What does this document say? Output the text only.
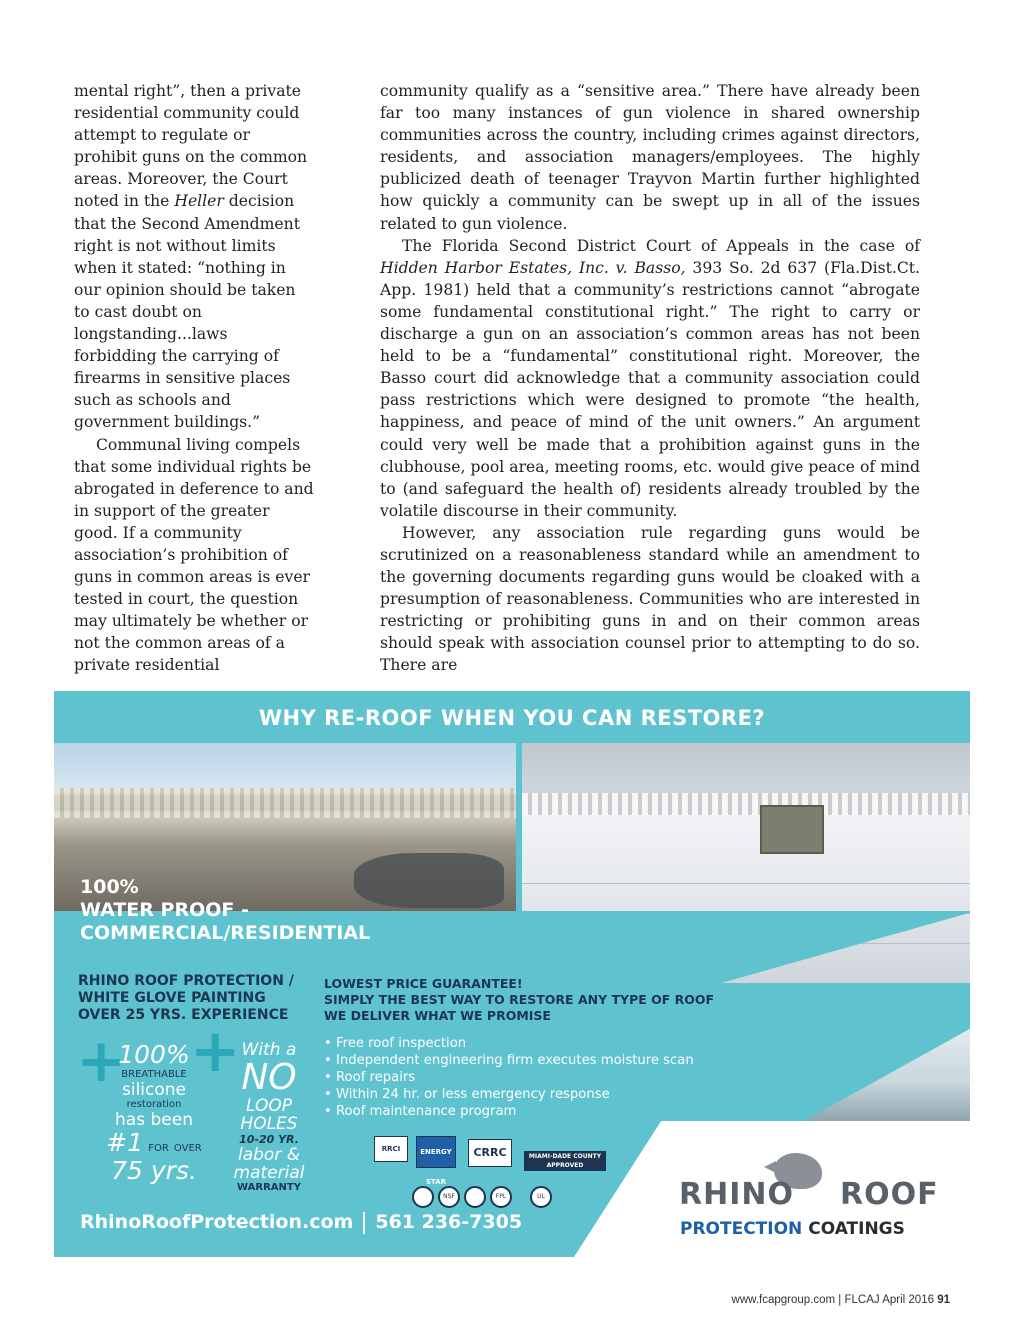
mental right”, then a private residential community could attempt to regulate or prohibit guns on the common areas. Moreover, the Court noted in the Heller decision that the Second Amendment right is not without limits when it stated: “nothing in our opinion should be taken to cast doubt on longstanding...laws forbidding the carrying of firearms in sensitive places such as schools and government buildings.”

Communal living compels that some individual rights be abrogated in deference to and in support of the greater good. If a community association’s prohibition of guns in common areas is ever tested in court, the question may ultimately be whether or not the common areas of a private residential

community qualify as a “sensitive area.” There have already been far too many instances of gun violence in shared ownership communities across the country, including crimes against directors, residents, and association managers/employees. The highly publicized death of teenager Trayvon Martin further highlighted how quickly a community can be swept up in all of the issues related to gun violence.

The Florida Second District Court of Appeals in the case of Hidden Harbor Estates, Inc. v. Basso, 393 So. 2d 637 (Fla.Dist.Ct. App. 1981) held that a community’s restrictions cannot “abrogate some fundamental constitutional right.” The right to carry or discharge a gun on an association’s common areas has not been held to be a “fundamental” constitutional right. Moreover, the Basso court did acknowledge that a community association could pass restrictions which were designed to promote “the health, happiness, and peace of mind of the unit owners.” An argument could very well be made that a prohibition against guns in the clubhouse, pool area, meeting rooms, etc. would give peace of mind to (and safeguard the health of) residents already troubled by the volatile discourse in their community.

However, any association rule regarding guns would be scrutinized on a reasonableness standard while an amendment to the governing documents regarding guns would be cloaked with a presumption of reasonableness. Communities who are interested in restricting or prohibiting guns in and on their common areas should speak with association counsel prior to attempting to do so. There are

WHY RE-ROOF WHEN YOU CAN RESTORE?
100%
WATER PROOF -
COMMERCIAL/RESIDENTIAL
RHINO ROOF PROTECTION /
WHITE GLOVE PAINTING
OVER 25 YRS. EXPERIENCE
LOWEST PRICE GUARANTEE!
SIMPLY THE BEST WAY TO RESTORE ANY TYPE OF ROOF
WE DELIVER WHAT WE PROMISE
• Free roof inspection
• Independent engineering firm executes moisture scan
• Roof repairs
• Within 24 hr. or less emergency response
• Roof maintenance program
+
100%
BREATHABLE
silicone
restoration
has been
#1 FOR OVER
75 yrs.
+ With a
NO
LOOP
HOLES
10-20 YR.
labor &
material
WARRANTY
RRCI	ENERGY STAR
CRRC	MIAMI-DADE COUNTY
APPROVED
NSF	FPL	UL
RhinoRoofProtection.com 561 236-7305
RHINO ROOF
PROTECTION COATINGS
www.fcapgroup.com | FLCAJ April 2016 91
